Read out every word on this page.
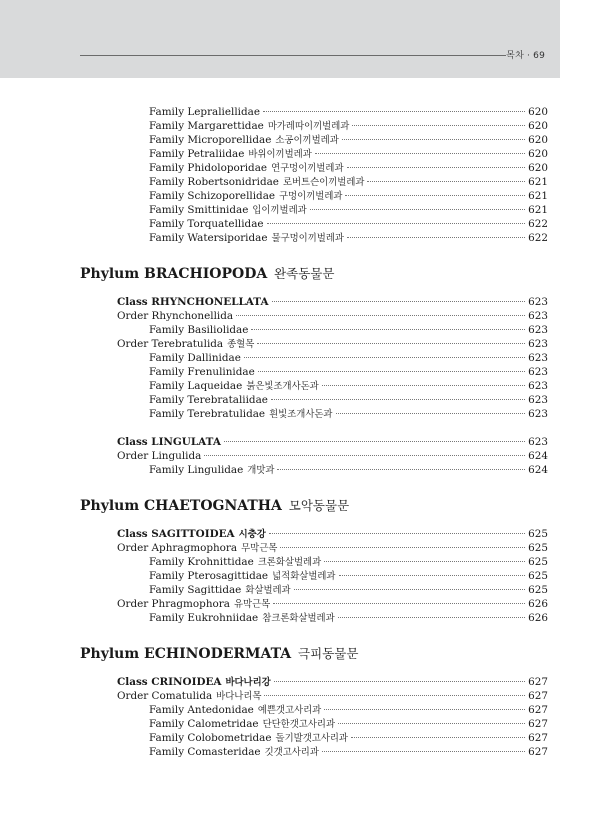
목차 · 69
Family Lepraliellidae	620
Family Margarettidae 마가레따이끼벌레과	620
Family Microporellidae 소공이끼벌레과	620
Family Petraliidae 바위이끼벌레과	620
Family Phidoloporidae 연구멍이끼벌레과	620
Family Robertsonidridae 로버트슨이끼벌레과	621
Family Schizoporellidae 구멍이끼벌레과	621
Family Smittinidae 입이끼벌레과	621
Family Torquatellidae	622
Family Watersiporidae 물구멍이끼벌레과	622
Phylum BRACHIOPODA 완족동물문
Class RHYNCHONELLATA	623
Order Rhynchonellida	623
Family Basiliolidae	623
Order Terebratulida 종혈목	623
Family Dallinidae	623
Family Frenulinidae	623
Family Laqueidae 붉은빛조개사돈과	623
Family Terebrataliidae	623
Family Terebratulidae 흰빛조개사돈과	623
Class LINGULATA	623
Order Lingulida	624
Family Lingulidae 개맛과	624
Phylum CHAETOGNATHA 모악동물문
Class SAGITTOIDEA 시충강	625
Order Aphragmophora 무막근목	625
Family Krohnittidae 크론화살벌레과	625
Family Pterosagittidae 넓적화살벌레과	625
Family Sagittidae 화살벌레과	625
Order Phragmophora 유막근목	626
Family Eukrohniidae 참크론화살벌레과	626
Phylum ECHINODERMATA 극피동물문
Class CRINOIDEA 바다나리강	627
Order Comatulida 바다나리목	627
Family Antedonidae 예쁜갯고사리과	627
Family Calometridae 단단한갯고사리과	627
Family Colobometridae 돌기발갯고사리과	627
Family Comasteridae 깃갯고사리과	627
